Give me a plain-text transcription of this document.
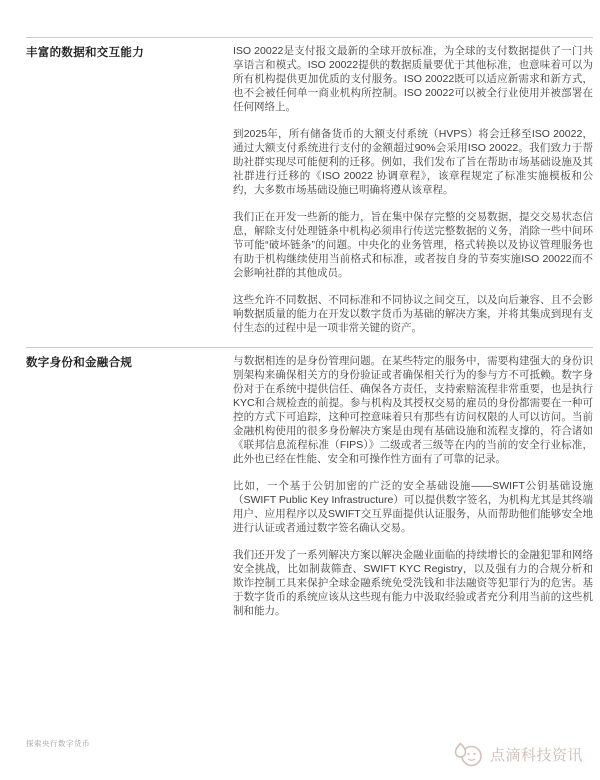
丰富的数据和交互能力	ISO 20022是支付报文最新的全球开放标准，为全球的支付数据提供了一门共享语言和模式。ISO 20022提供的数据质量要优于其他标准，也意味着可以为所有机构提供更加优质的支付服务。ISO 20022既可以适应新需求和新方式，也不会被任何单一商业机构所控制。ISO 20022可以被全行业使用并被部署在任何网络上。

到2025年，所有储备货币的大额支付系统（HVPS）将会迁移至ISO 20022，通过大额支付系统进行支付的金额超过90%会采用ISO 20022。我们致力于帮助社群实现尽可能便利的迁移。例如，我们发布了旨在帮助市场基础设施及其社群进行迁移的《ISO 20022 协调章程》，该章程规定了标准实施模板和公约，大多数市场基础设施已明确将遵从该章程。

我们正在开发一些新的能力，旨在集中保存完整的交易数据，提交交易状态信息，解除支付处理链条中机构必须串行传送完整数据的义务，消除一些中间环节可能“破坏链条”的问题。中央化的业务管理，格式转换以及协议管理服务也有助于机构继续使用当前格式和标准，或者按自身的节奏实施ISO 20022而不会影响社群的其他成员。

这些允许不同数据、不同标准和不同协议之间交互，以及向后兼容、且不会影响数据质量的能力在开发以数字货币为基础的解决方案，并将其集成到现有支付生态的过程中是一项非常关键的资产。

数字身份和金融合规	与数据相连的是身份管理问题。在某些特定的服务中，需要构建强大的身份识别架构来确保相关方的身份验证或者确保相关行为的参与方不可抵赖。数字身份对于在系统中提供信任、确保各方责任，支持索赔流程非常重要，也是执行KYC和合规检查的前提。参与机构及其授权交易的雇员的身份都需要在一种可控的方式下可追踪，这种可控意味着只有那些有访问权限的人可以访问。当前金融机构使用的很多身份解决方案是由现有基础设施和流程支撑的，符合诸如《联邦信息流程标准（FIPS）》二级或者三级等在内的当前的安全行业标准，此外也已经在性能、安全和可操作性方面有了可靠的记录。

比如，一个基于公钥加密的广泛的安全基础设施——SWIFT公钥基础设施（SWIFT Public Key Infrastructure）可以提供数字签名，为机构尤其是其终端用户、应用程序以及SWIFT交互界面提供认证服务，从而帮助他们能够安全地进行认证或者通过数字签名确认交易。

我们还开发了一系列解决方案以解决金融业面临的持续增长的金融犯罪和网络安全挑战，比如制裁筛查、SWIFT KYC Registry，以及强有力的合规分析和欺诈控制工具来保护全球金融系统免受洗钱和非法融资等犯罪行为的危害。基于数字货币的系统应该从这些现有能力中汲取经验或者充分利用当前的这些机制和能力。

探索央行数字货币
点滴科技资讯
